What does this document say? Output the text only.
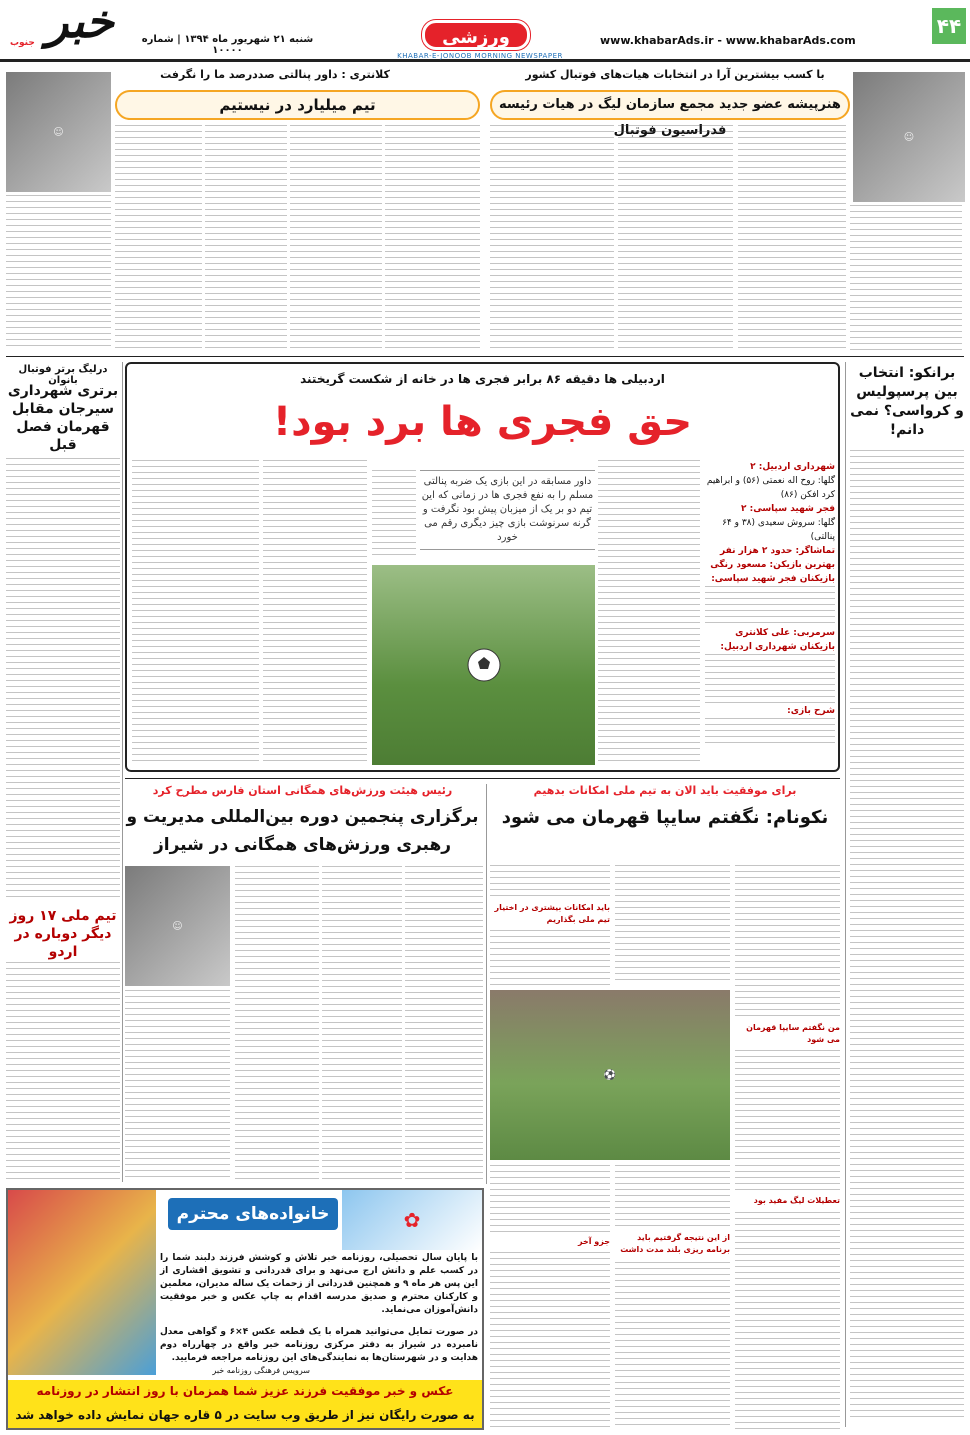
۴۴
www.khabarAds.ir - www.khabarAds.com
ورزشی
KHABAR-E-JONOOB MORNING NEWSPAPER
شنبه ۲۱ شهریور ماه ۱۳۹۴ | شماره ۱۰۰۰۰
خبر
جنوب
با کسب بیشترین آرا در انتخابات هیات‌های فوتبال کشور
هنرپیشه عضو جدید مجمع سازمان لیگ در هیات رئیسه فدراسیون فوتبال	☺
کلانتری : داور پنالتی صددرصد ما را نگرفت
تیم میلیارد در نیستیم
☺
برانکو: انتخاب بین پرسپولیس و کرواسی؟ نمی دانم!
اردبیلی ها دقیقه ۸۶ برابر فجری ها در خانه از شکست گریختند
حق فجری ها برد بود!
شهرداری اردبیل: ۲
گلها: روح اله نعمتی (۵۶) و ابراهیم کرد افکن (۸۶)
فجر شهید سپاسی: ۲
گلها: سروش سعیدی (۳۸ و ۶۴ پنالتی)
تماشاگر: حدود ۲ هزار نفر
بهترین بازیکن: مسعود رنگی
بازیکنان فجر شهید سپاسی:
سرمربی: علی کلانتری
بازیکنان شهرداری اردبیل:
شرح بازی:
داور مسابقه در این بازی یک ضربه پنالتی مسلم را به نفع فجری ها در زمانی که این تیم دو بر یک از میزبان پیش بود نگرفت و گرنه سرنوشت بازی چیز دیگری رقم می خورد
درلیگ برتر فوتبال بانوان
برتری شهرداری سیرجان مقابل قهرمان فصل قبل
تیم ملی ۱۷ روز دیگر دوباره در اردو
برای موفقیت باید الان به تیم ملی امکانات بدهیم
نکونام: نگفتم سایپا قهرمان می شود
من نگفتم سایپا قهرمان می شود
باید امکانات بیشتری در اختیار تیم ملی بگذاریم
⚽
تعطیلات لیگ مفید بود
از این نتیجه گرفتیم باید برنامه ریزی بلند مدت داشت
جزو آخر
رئیس هیئت ورزش‌های همگانی استان فارس مطرح کرد
برگزاری پنجمین دوره بین‌المللی مدیریت و رهبری ورزش‌های همگانی در شیراز
☺
✿
خانواده‌های محترم
با پایان سال تحصیلی، روزنامه خبر تلاش و کوشش فرزند دلبند شما را در کسب علم و دانش ارج می‌نهد و برای قدردانی و تشویق اقشاری از این پس هر ماه ۹ و همچنین قدردانی از زحمات یک ساله مدیران، معلمین و کارکنان محترم و صدیق مدرسه اقدام به چاپ عکس و خبر موفقیت دانش‌آموزان می‌نماید.
در صورت تمایل می‌توانید همراه با یک قطعه عکس ۴×۶ و گواهی معدل نامبرده در شیراز به دفتر مرکزی روزنامه خبر واقع در چهارراه دوم هدایت و در شهرستان‌ها به نمایندگی‌های این روزنامه مراجعه فرمایید.
سرویس فرهنگی روزنامه خبر
عکس و خبر موفقیت فرزند عزیز شما همزمان با روز انتشار در روزنامه
به صورت رایگان نیز از طریق وب سایت در ۵ قاره جهان نمایش داده خواهد شد
